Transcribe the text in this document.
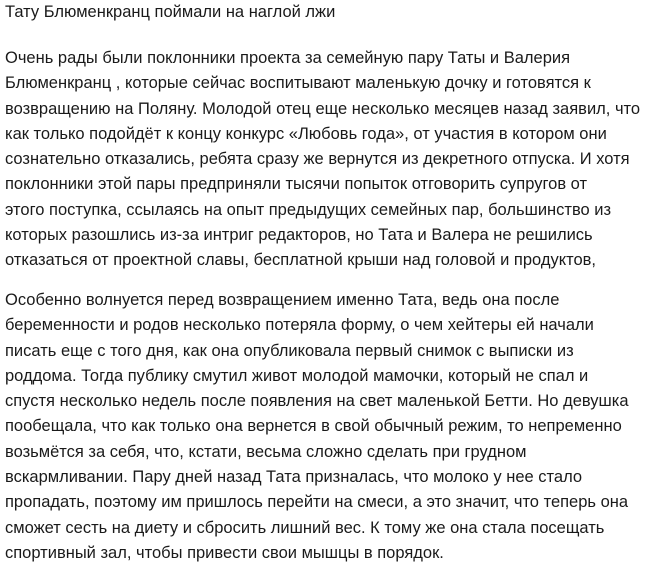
Тату Блюменкранц поймали на наглой лжи

Очень рады были поклонники проекта за семейную пару Таты и Валерия
Блюменкранц , которые сейчас воспитывают маленькую дочку и готовятся к
возвращению на Поляну. Молодой отец еще несколько месяцев назад заявил, что
как только подойдёт к концу конкурс «Любовь года», от участия в котором они
сознательно отказались, ребята сразу же вернутся из декретного отпуска. И хотя
поклонники этой пары предприняли тысячи попыток отговорить супругов от
этого поступка, ссылаясь на опыт предыдущих семейных пар, большинство из
которых разошлись из-за интриг редакторов, но Тата и Валера не решились
отказаться от проектной славы, бесплатной крыши над головой и продуктов,

Особенно волнуется перед возвращением именно Тата, ведь она после
беременности и родов несколько потеряла форму, о чем хейтеры ей начали
писать еще с того дня, как она опубликовала первый снимок с выписки из
роддома. Тогда публику смутил живот молодой мамочки, который не спал и
спустя несколько недель после появления на свет маленькой Бетти. Но девушка
пообещала, что как только она вернется в свой обычный режим, то непременно
возьмётся за себя, что, кстати, весьма сложно сделать при грудном
вскармливании. Пару дней назад Тата призналась, что молоко у нее стало
пропадать, поэтому им пришлось перейти на смеси, а это значит, что теперь она
сможет сесть на диету и сбросить лишний вес. К тому же она стала посещать
спортивный зал, чтобы привести свои мышцы в порядок.
